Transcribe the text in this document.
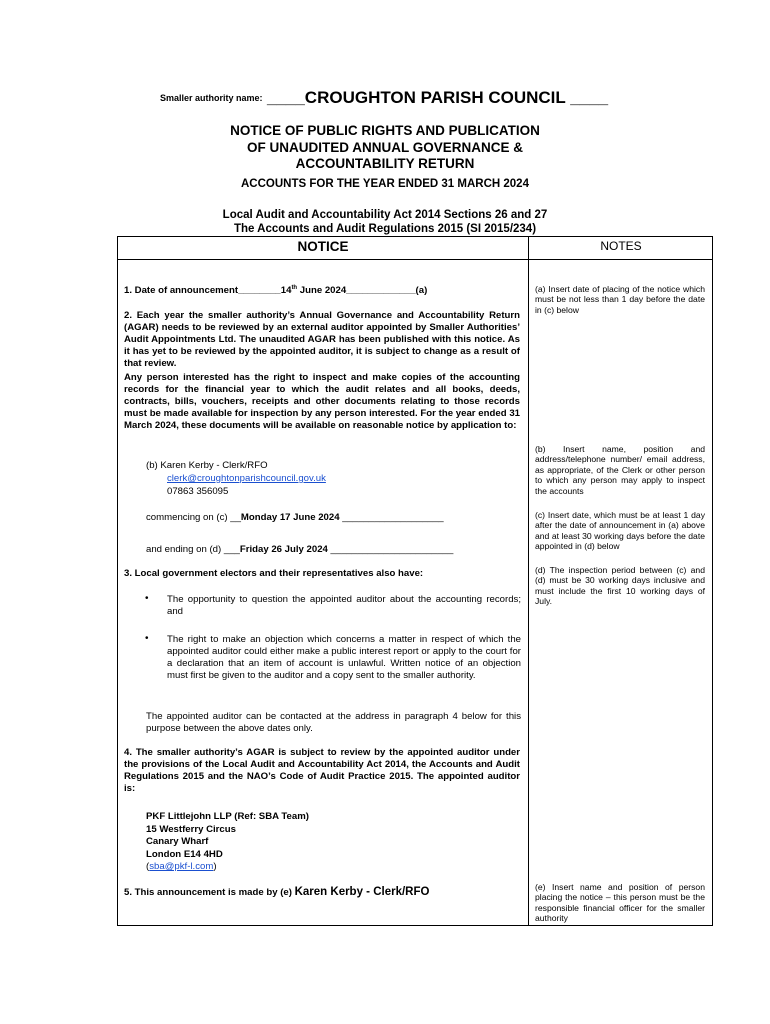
Smaller authority name: ____CROUGHTON PARISH COUNCIL ____
NOTICE OF PUBLIC RIGHTS AND PUBLICATION
OF UNAUDITED ANNUAL GOVERNANCE &
ACCOUNTABILITY RETURN
ACCOUNTS FOR THE YEAR ENDED 31 MARCH 2024
Local Audit and Accountability Act 2014 Sections 26 and 27
The Accounts and Audit Regulations 2015 (SI 2015/234)
NOTICE	NOTES
1. Date of announcement________14th June 2024_____________(a)
2. Each year the smaller authority’s Annual Governance and Accountability Return (AGAR) needs to be reviewed by an external auditor appointed by Smaller Authorities’ Audit Appointments Ltd. The unaudited AGAR has been published with this notice. As it has yet to be reviewed by the appointed auditor, it is subject to change as a result of that review.
Any person interested has the right to inspect and make copies of the accounting records for the financial year to which the audit relates and all books, deeds, contracts, bills, vouchers, receipts and other documents relating to those records must be made available for inspection by any person interested. For the year ended 31 March 2024, these documents will be available on reasonable notice by application to:
(b) Karen Kerby - Clerk/RFO
clerk@croughtonparishcouncil.gov.uk
07863 356095
commencing on (c) __Monday 17 June 2024 ___________________
and ending on (d) ___Friday 26 July 2024 _______________________
3. Local government electors and their representatives also have:
• The opportunity to question the appointed auditor about the accounting records; and
• The right to make an objection which concerns a matter in respect of which the appointed auditor could either make a public interest report or apply to the court for a declaration that an item of account is unlawful. Written notice of an objection must first be given to the auditor and a copy sent to the smaller authority.
The appointed auditor can be contacted at the address in paragraph 4 below for this purpose between the above dates only.
4. The smaller authority’s AGAR is subject to review by the appointed auditor under the provisions of the Local Audit and Accountability Act 2014, the Accounts and Audit Regulations 2015 and the NAO’s Code of Audit Practice 2015. The appointed auditor is:
PKF Littlejohn LLP (Ref: SBA Team)
15 Westferry Circus
Canary Wharf
London E14 4HD
(sba@pkf-l.com)
5. This announcement is made by (e) Karen Kerby - Clerk/RFO
(a) Insert date of placing of the notice which must be not less than 1 day before the date in (c) below
(b) Insert name, position and address/telephone number/ email address, as appropriate, of the Clerk or other person to which any person may apply to inspect the accounts
(c) Insert date, which must be at least 1 day after the date of announcement in (a) above and at least 30 working days before the date appointed in (d) below
(d) The inspection period between (c) and (d) must be 30 working days inclusive and must include the first 10 working days of July.
(e) Insert name and position of person placing the notice – this person must be the responsible financial officer for the smaller authority
